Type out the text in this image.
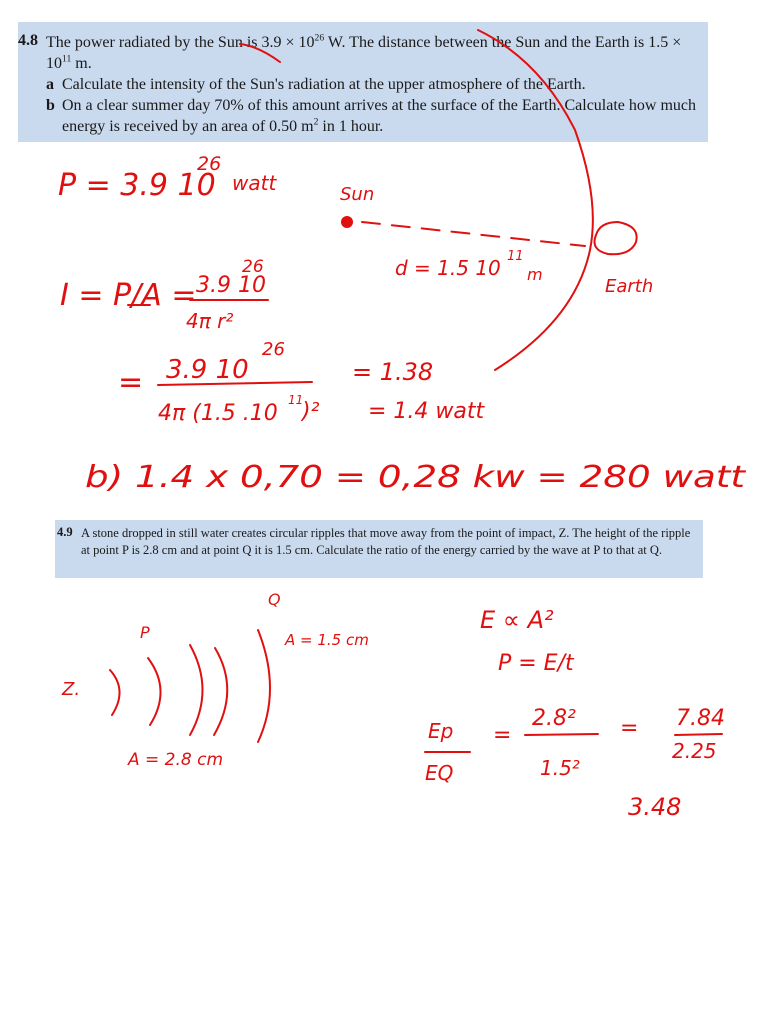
4.8 The power radiated by the Sun is $3.9 \times 10^{26}$ W. The distance between the Sun and the Earth is $1.5 \times 10^{11}$ m.
a Calculate the intensity of the Sun's radiation at the upper atmosphere of the Earth.
b On a clear summer day 70% of this amount arrives at the surface of the Earth. Calculate how much energy is received by an area of 0.50 $m^2$ in 1 hour.
4.9 A stone dropped in still water creates circular ripples that move away from the point of impact, Z. The height of the ripple at point P is 2.8 cm and at point Q it is 1.5 cm. Calculate the ratio of the energy carried by the wave at P to that at Q.
P = 3.9 10
26
watt	Sun
Earth
d = 1.5 10 11
m
I = P/A = 3.9 10
26
4π r²
= 3.9 10
26
4π (1.5 .10
11
)²
= 1.38
= 1.4 watt
b) 1.4 x 0,70 = 0,28 kw = 280 watt
Q
P
Z.
A = 1.5 cm
A = 2.8 cm
E ∝ A²
P = E/t
Ep
EQ
=
2.8²
1.5²
= 7.84
2.25
3.48
